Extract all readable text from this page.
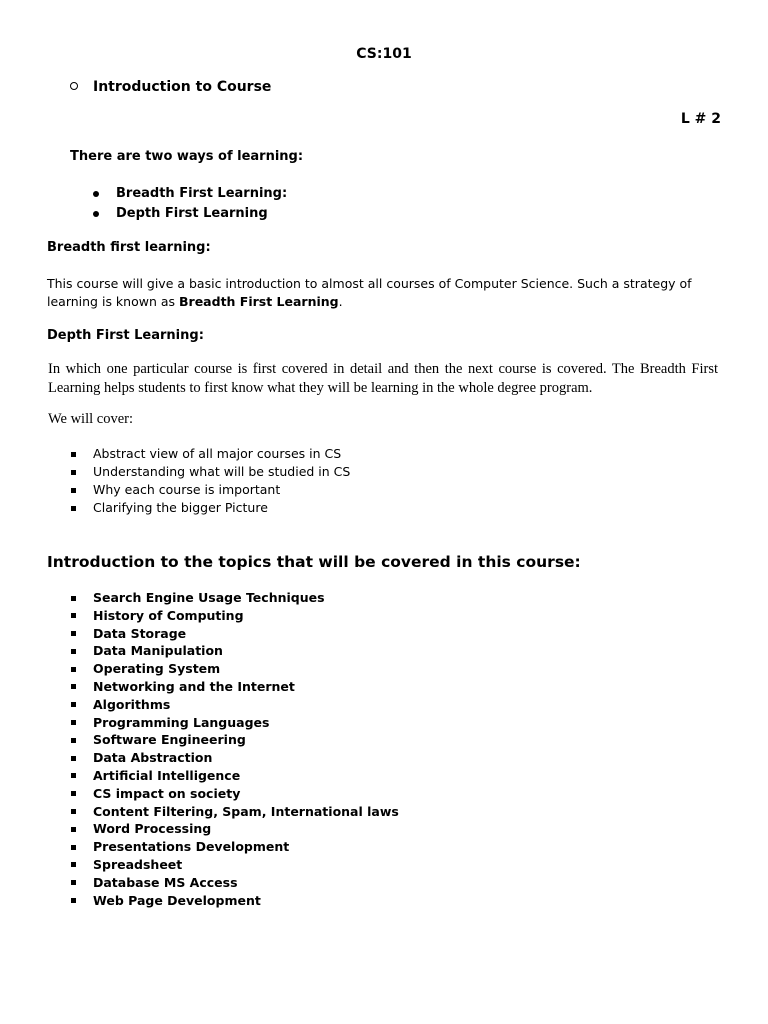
CS:101
Introduction to Course
L # 2
There are two ways of learning:
Breadth First Learning:
Depth First Learning
Breadth first learning:

This course will give a basic introduction to almost all courses of Computer Science. Such a strategy of learning is known as Breadth First Learning.

Depth First Learning:

In which one particular course is first covered in detail and then the next course is covered. The Breadth First Learning helps students to first know what they will be learning in the whole degree program.

We will cover:
Abstract view of all major courses in CS
Understanding what will be studied in CS
Why each course is important
Clarifying the bigger Picture
Introduction to the topics that will be covered in this course:
Search Engine Usage Techniques
History of Computing
Data Storage
Data Manipulation
Operating System
Networking and the Internet
Algorithms
Programming Languages
Software Engineering
Data Abstraction
Artificial Intelligence
CS impact on society
Content Filtering, Spam, International laws
Word Processing
Presentations Development
Spreadsheet
Database MS Access
Web Page Development
